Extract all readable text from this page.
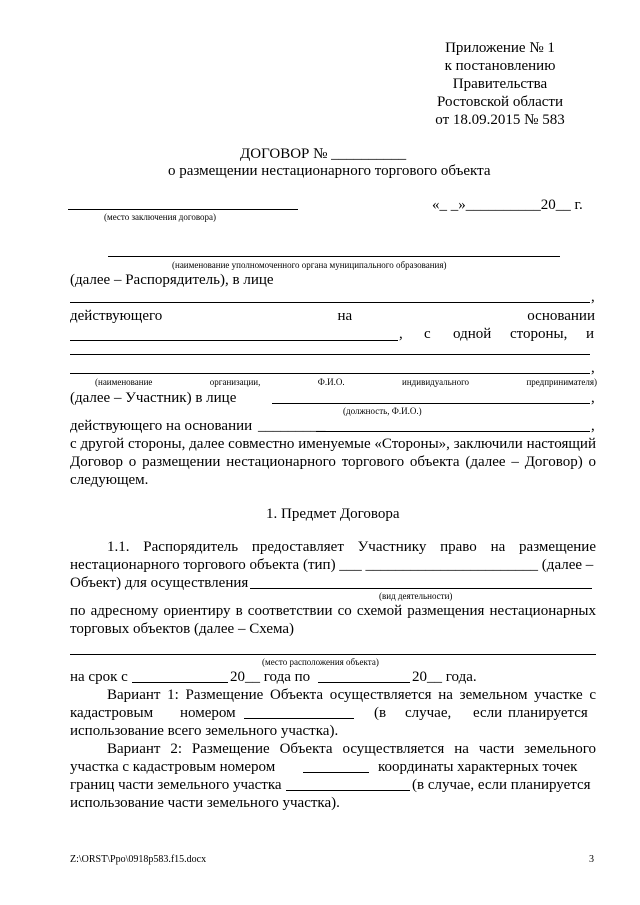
Приложение № 1
к постановлению
Правительства
Ростовской области
от 18.09.2015 № 583
ДОГОВОР № __________
о размещении нестационарного торгового объекта
(место заключения договора)
«_ _»__________20__ г.
(наименование уполномоченного органа муниципального образования)
(далее – Распорядитель), в лице
,
действующего	на	основании
, с одной стороны, и
,
(наименование	организации,	Ф.И.О.	индивидуального	предпринимателя)
(далее – Участник) в лице	,
(должность, Ф.И.О.)
действующего на основании _________	,
с другой стороны, далее совместно именуемые «Стороны», заключили настоящий Договор о размещении нестационарного торгового объекта (далее – Договор) о следующем.
1. Предмет Договора
1.1. Распорядитель предоставляет Участнику право на размещение нестационарного торгового объекта (тип) ___ _______________________ (далее –
Объект) для осуществления
(вид деятельности)
по адресному ориентиру в соответствии со схемой размещения нестационарных
торговых объектов (далее – Схема)
(место расположения объекта)
на срок с	20__ года по	20__ года.
Вариант 1: Размещение Объекта осуществляется на земельном участке с
кадастровым номером	(в случае, если планируется
использование всего земельного участка).
Вариант 2: Размещение Объекта осуществляется на части земельного
участка с кадастровым номером	координаты характерных точек
границ части земельного участка	(в случае, если планируется
использование части земельного участка).
Z:\ORST\Ppo\0918p583.f15.docx	3
